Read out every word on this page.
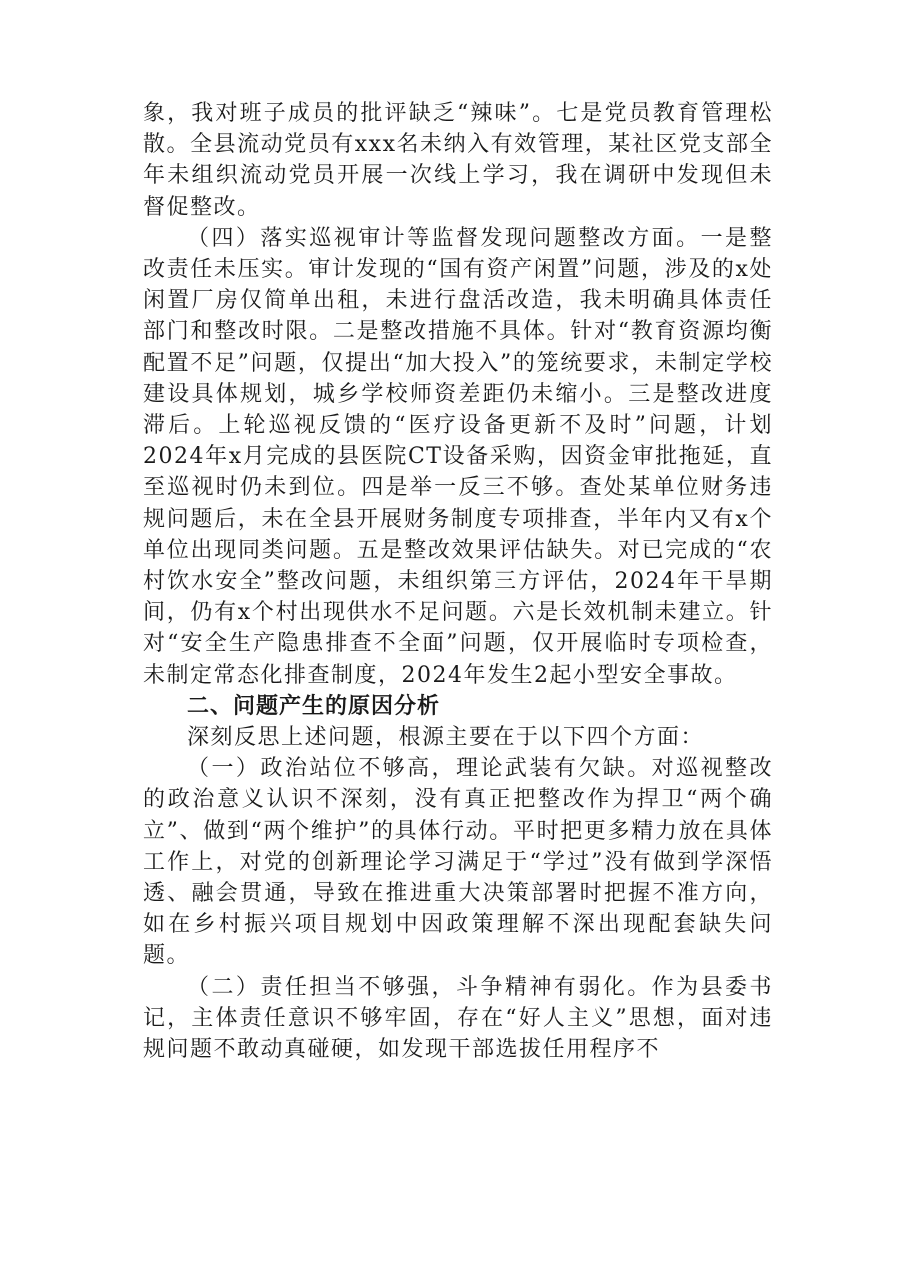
象，我对班子成员的批评缺乏“辣味”。七是党员教育管理松散。全县流动党员有xxx名未纳入有效管理，某社区党支部全年未组织流动党员开展一次线上学习，我在调研中发现但未督促整改。

（四）落实巡视审计等监督发现问题整改方面。一是整改责任未压实。审计发现的“国有资产闲置”问题，涉及的x处闲置厂房仅简单出租，未进行盘活改造，我未明确具体责任部门和整改时限。二是整改措施不具体。针对“教育资源均衡配置不足”问题，仅提出“加大投入”的笼统要求，未制定学校建设具体规划，城乡学校师资差距仍未缩小。三是整改进度滞后。上轮巡视反馈的“医疗设备更新不及时”问题，计划2024年x月完成的县医院CT设备采购，因资金审批拖延，直至巡视时仍未到位。四是举一反三不够。查处某单位财务违规问题后，未在全县开展财务制度专项排查，半年内又有x个单位出现同类问题。五是整改效果评估缺失。对已完成的“农村饮水安全”整改问题，未组织第三方评估，2024年干旱期间，仍有x个村出现供水不足问题。六是长效机制未建立。针对“安全生产隐患排查不全面”问题，仅开展临时专项检查，未制定常态化排查制度，2024年发生2起小型安全事故。

二、问题产生的原因分析

深刻反思上述问题，根源主要在于以下四个方面：

（一）政治站位不够高，理论武装有欠缺。对巡视整改的政治意义认识不深刻，没有真正把整改作为捍卫“两个确立”、做到“两个维护”的具体行动。平时把更多精力放在具体工作上，对党的创新理论学习满足于“学过”没有做到学深悟透、融会贯通，导致在推进重大决策部署时把握不准方向，如在乡村振兴项目规划中因政策理解不深出现配套缺失问题。

（二）责任担当不够强，斗争精神有弱化。作为县委书记，主体责任意识不够牢固，存在“好人主义”思想，面对违规问题不敢动真碰硬，如发现干部选拔任用程序不
